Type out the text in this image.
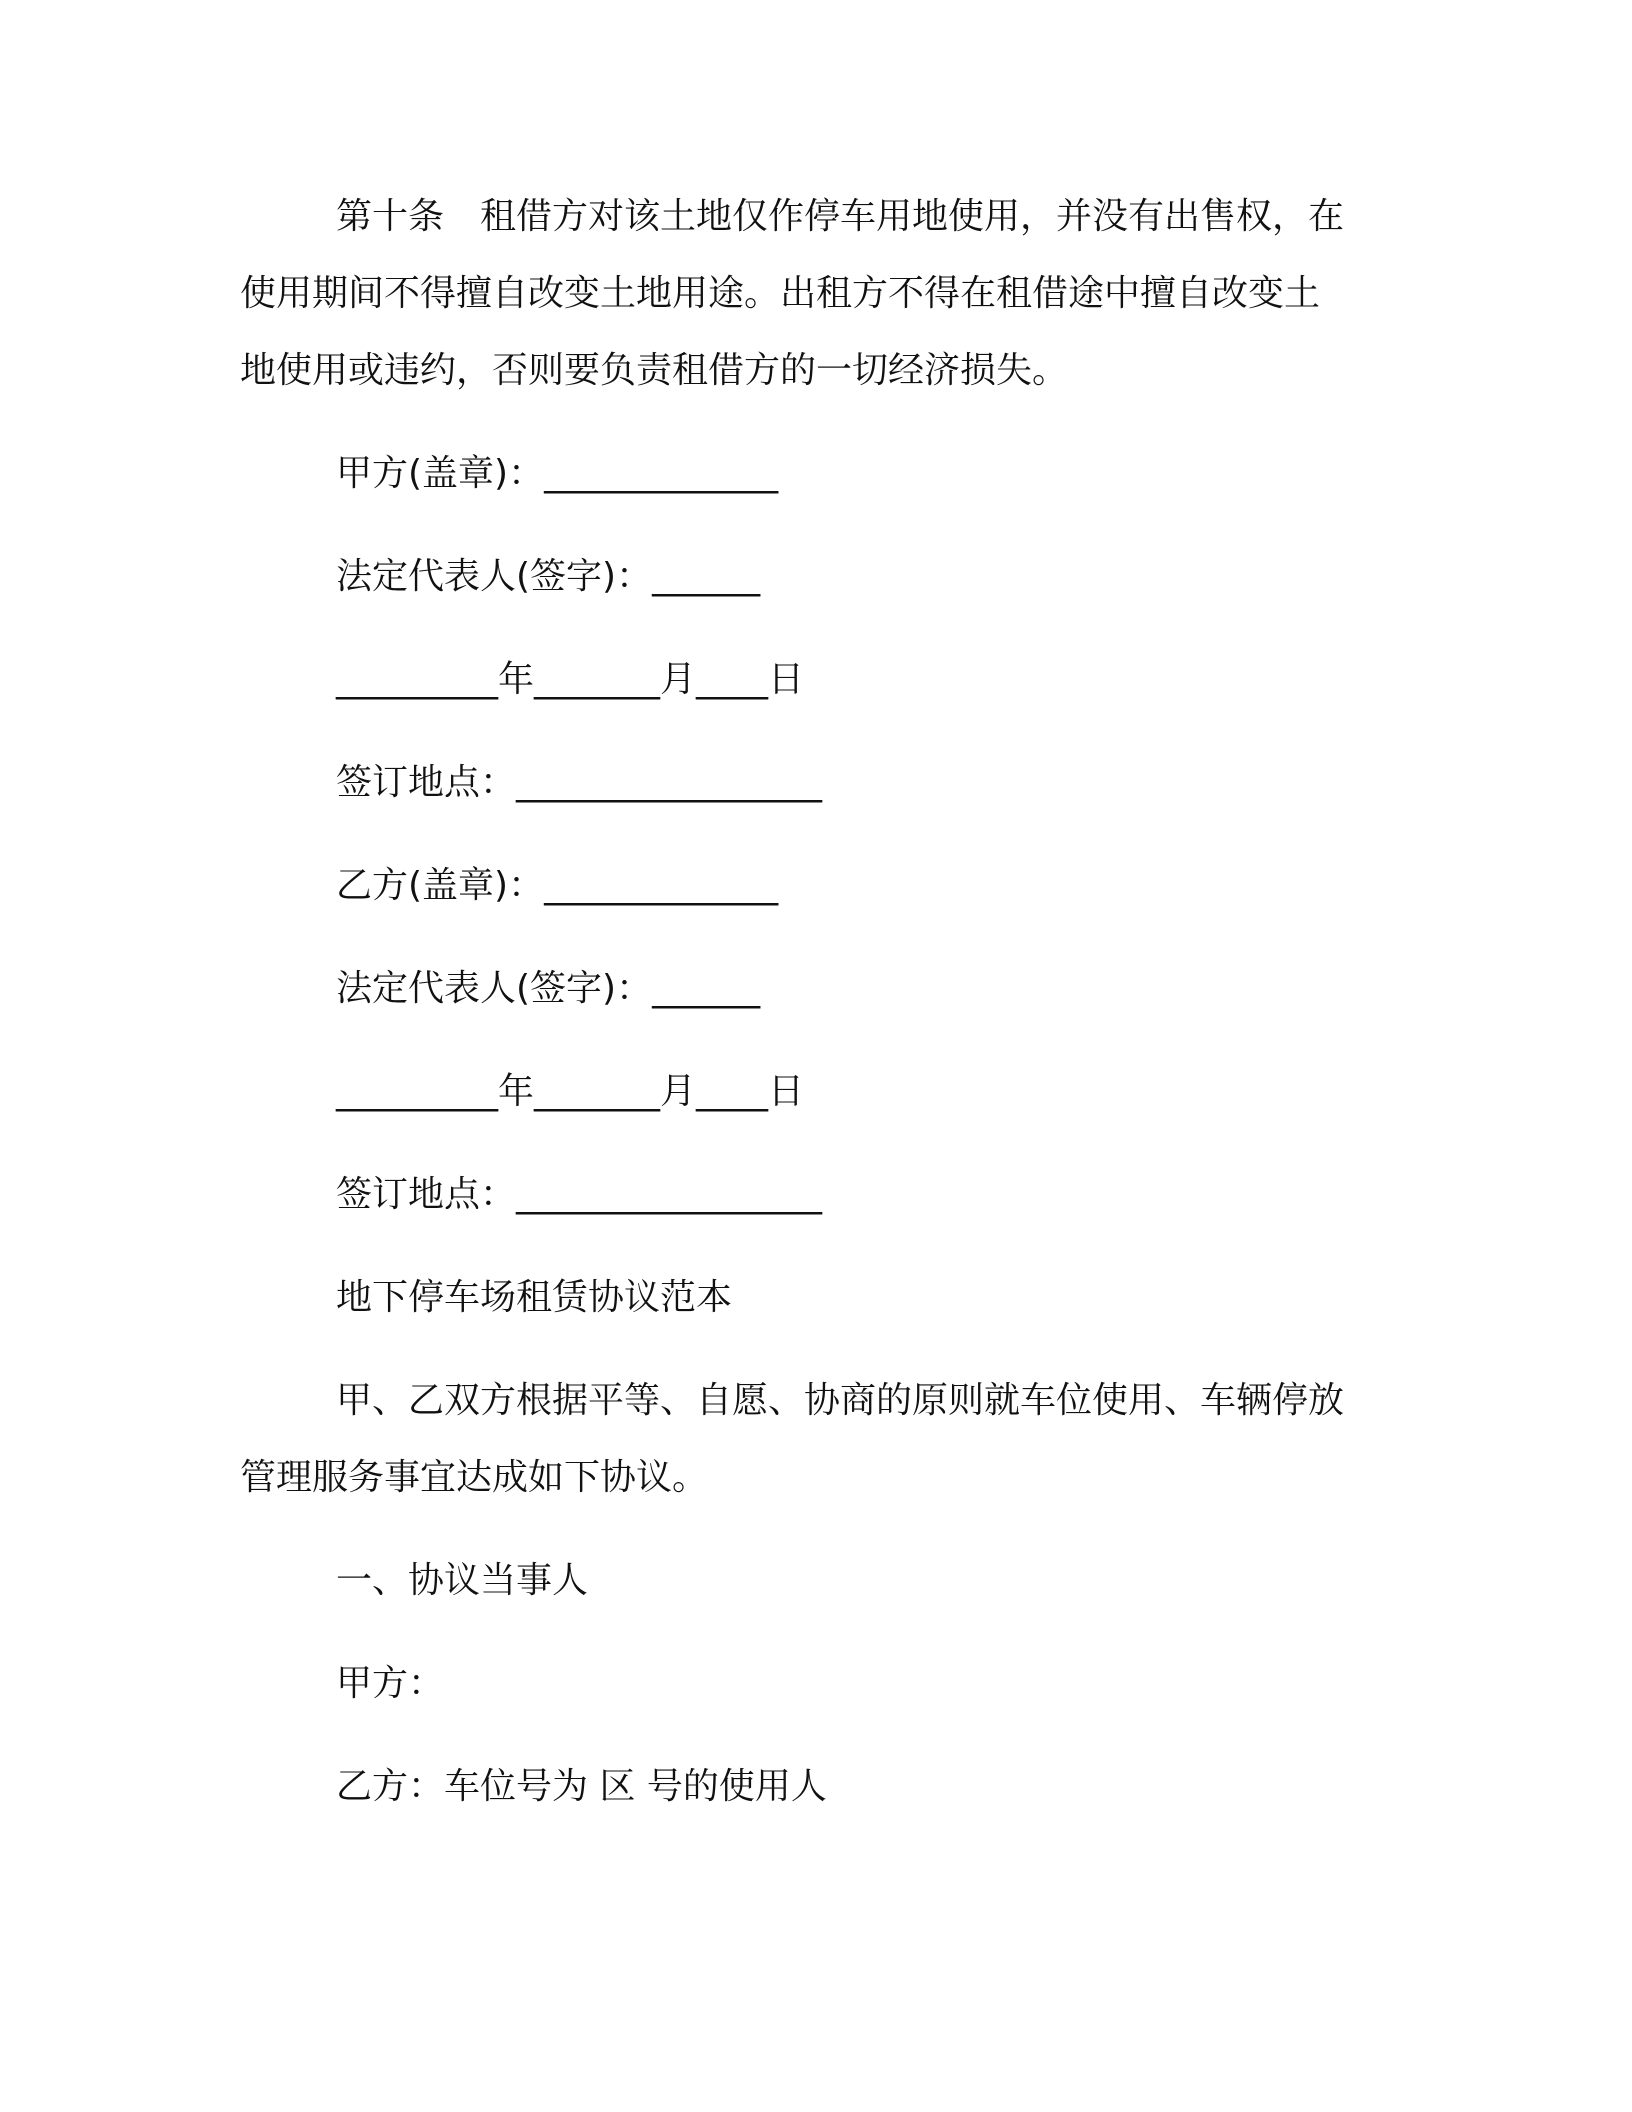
第十条　租借方对该土地仅作停车用地使用，并没有出售权，在
使用期间不得擅自改变土地用途。出租方不得在租借途中擅自改变土
地使用或违约，否则要负责租借方的一切经济损失。
甲方(盖章)：_____________
法定代表人(签字)：______
_________年_______月____日
签订地点：_________________
乙方(盖章)：_____________
法定代表人(签字)：______
_________年_______月____日
签订地点：_________________
地下停车场租赁协议范本
甲、乙双方根据平等、自愿、协商的原则就车位使用、车辆停放
管理服务事宜达成如下协议。
一、协议当事人
甲方：
乙方：车位号为 区 号的使用人
